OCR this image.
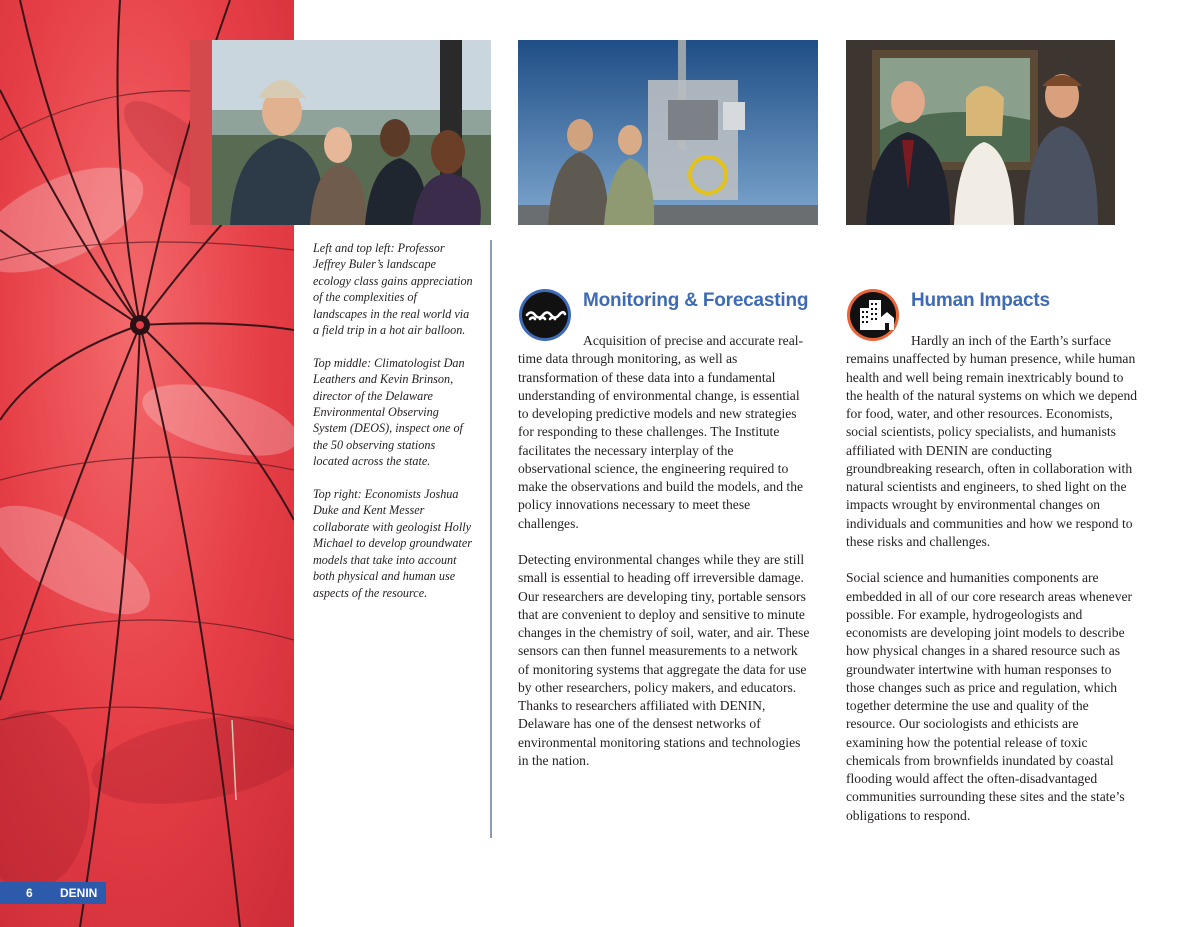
Left and top left: Professor Jeffrey Buler’s landscape ecology class gains appreciation of the complexities of landscapes in the real world via a field trip in a hot air balloon.

Top middle: Climatologist Dan Leathers and Kevin Brinson, director of the Delaware Environmental Observing System (DEOS), inspect one of the 50 observing stations located across the state.

Top right: Economists Joshua Duke and Kent Messer collaborate with geologist Holly Michael to develop groundwater models that take into account both physical and human use aspects of the resource.

Monitoring & Forecasting

Acquisition of precise and accurate real-time data through monitoring, as well as transformation of these data into a fundamental understanding of environmental change, is essential to developing predictive models and new strategies for responding to these challenges. The Institute facilitates the necessary interplay of the observational science, the engineering required to make the observations and build the models, and the policy innovations necessary to meet these challenges.

Detecting environmental changes while they are still small is essential to heading off irreversible damage. Our researchers are developing tiny, portable sensors that are convenient to deploy and sensitive to minute changes in the chemistry of soil, water, and air. These sensors can then funnel measurements to a network of monitoring systems that aggregate the data for use by other researchers, policy makers, and educators. Thanks to researchers affiliated with DENIN, Delaware has one of the densest networks of environmental monitoring stations and technologies in the nation.

Human Impacts

Hardly an inch of the Earth’s surface remains unaffected by human presence, while human health and well being remain inextricably bound to the health of the natural systems on which we depend for food, water, and other resources. Economists, social scientists, policy specialists, and humanists affiliated with DENIN are conducting groundbreaking research, often in collaboration with natural scientists and engineers, to shed light on the impacts wrought by environmental changes on individuals and communities and how we respond to these risks and challenges.

Social science and humanities components are embedded in all of our core research areas whenever possible. For example, hydrogeologists and economists are developing joint models to describe how physical changes in a shared resource such as groundwater intertwine with human responses to those changes such as price and regulation, which together determine the use and quality of the resource. Our sociologists and ethicists are examining how the potential release of toxic chemicals from brownfields inundated by coastal flooding would affect the often-disadvantaged communities surrounding these sites and the state’s obligations to respond.

6	DENIN
